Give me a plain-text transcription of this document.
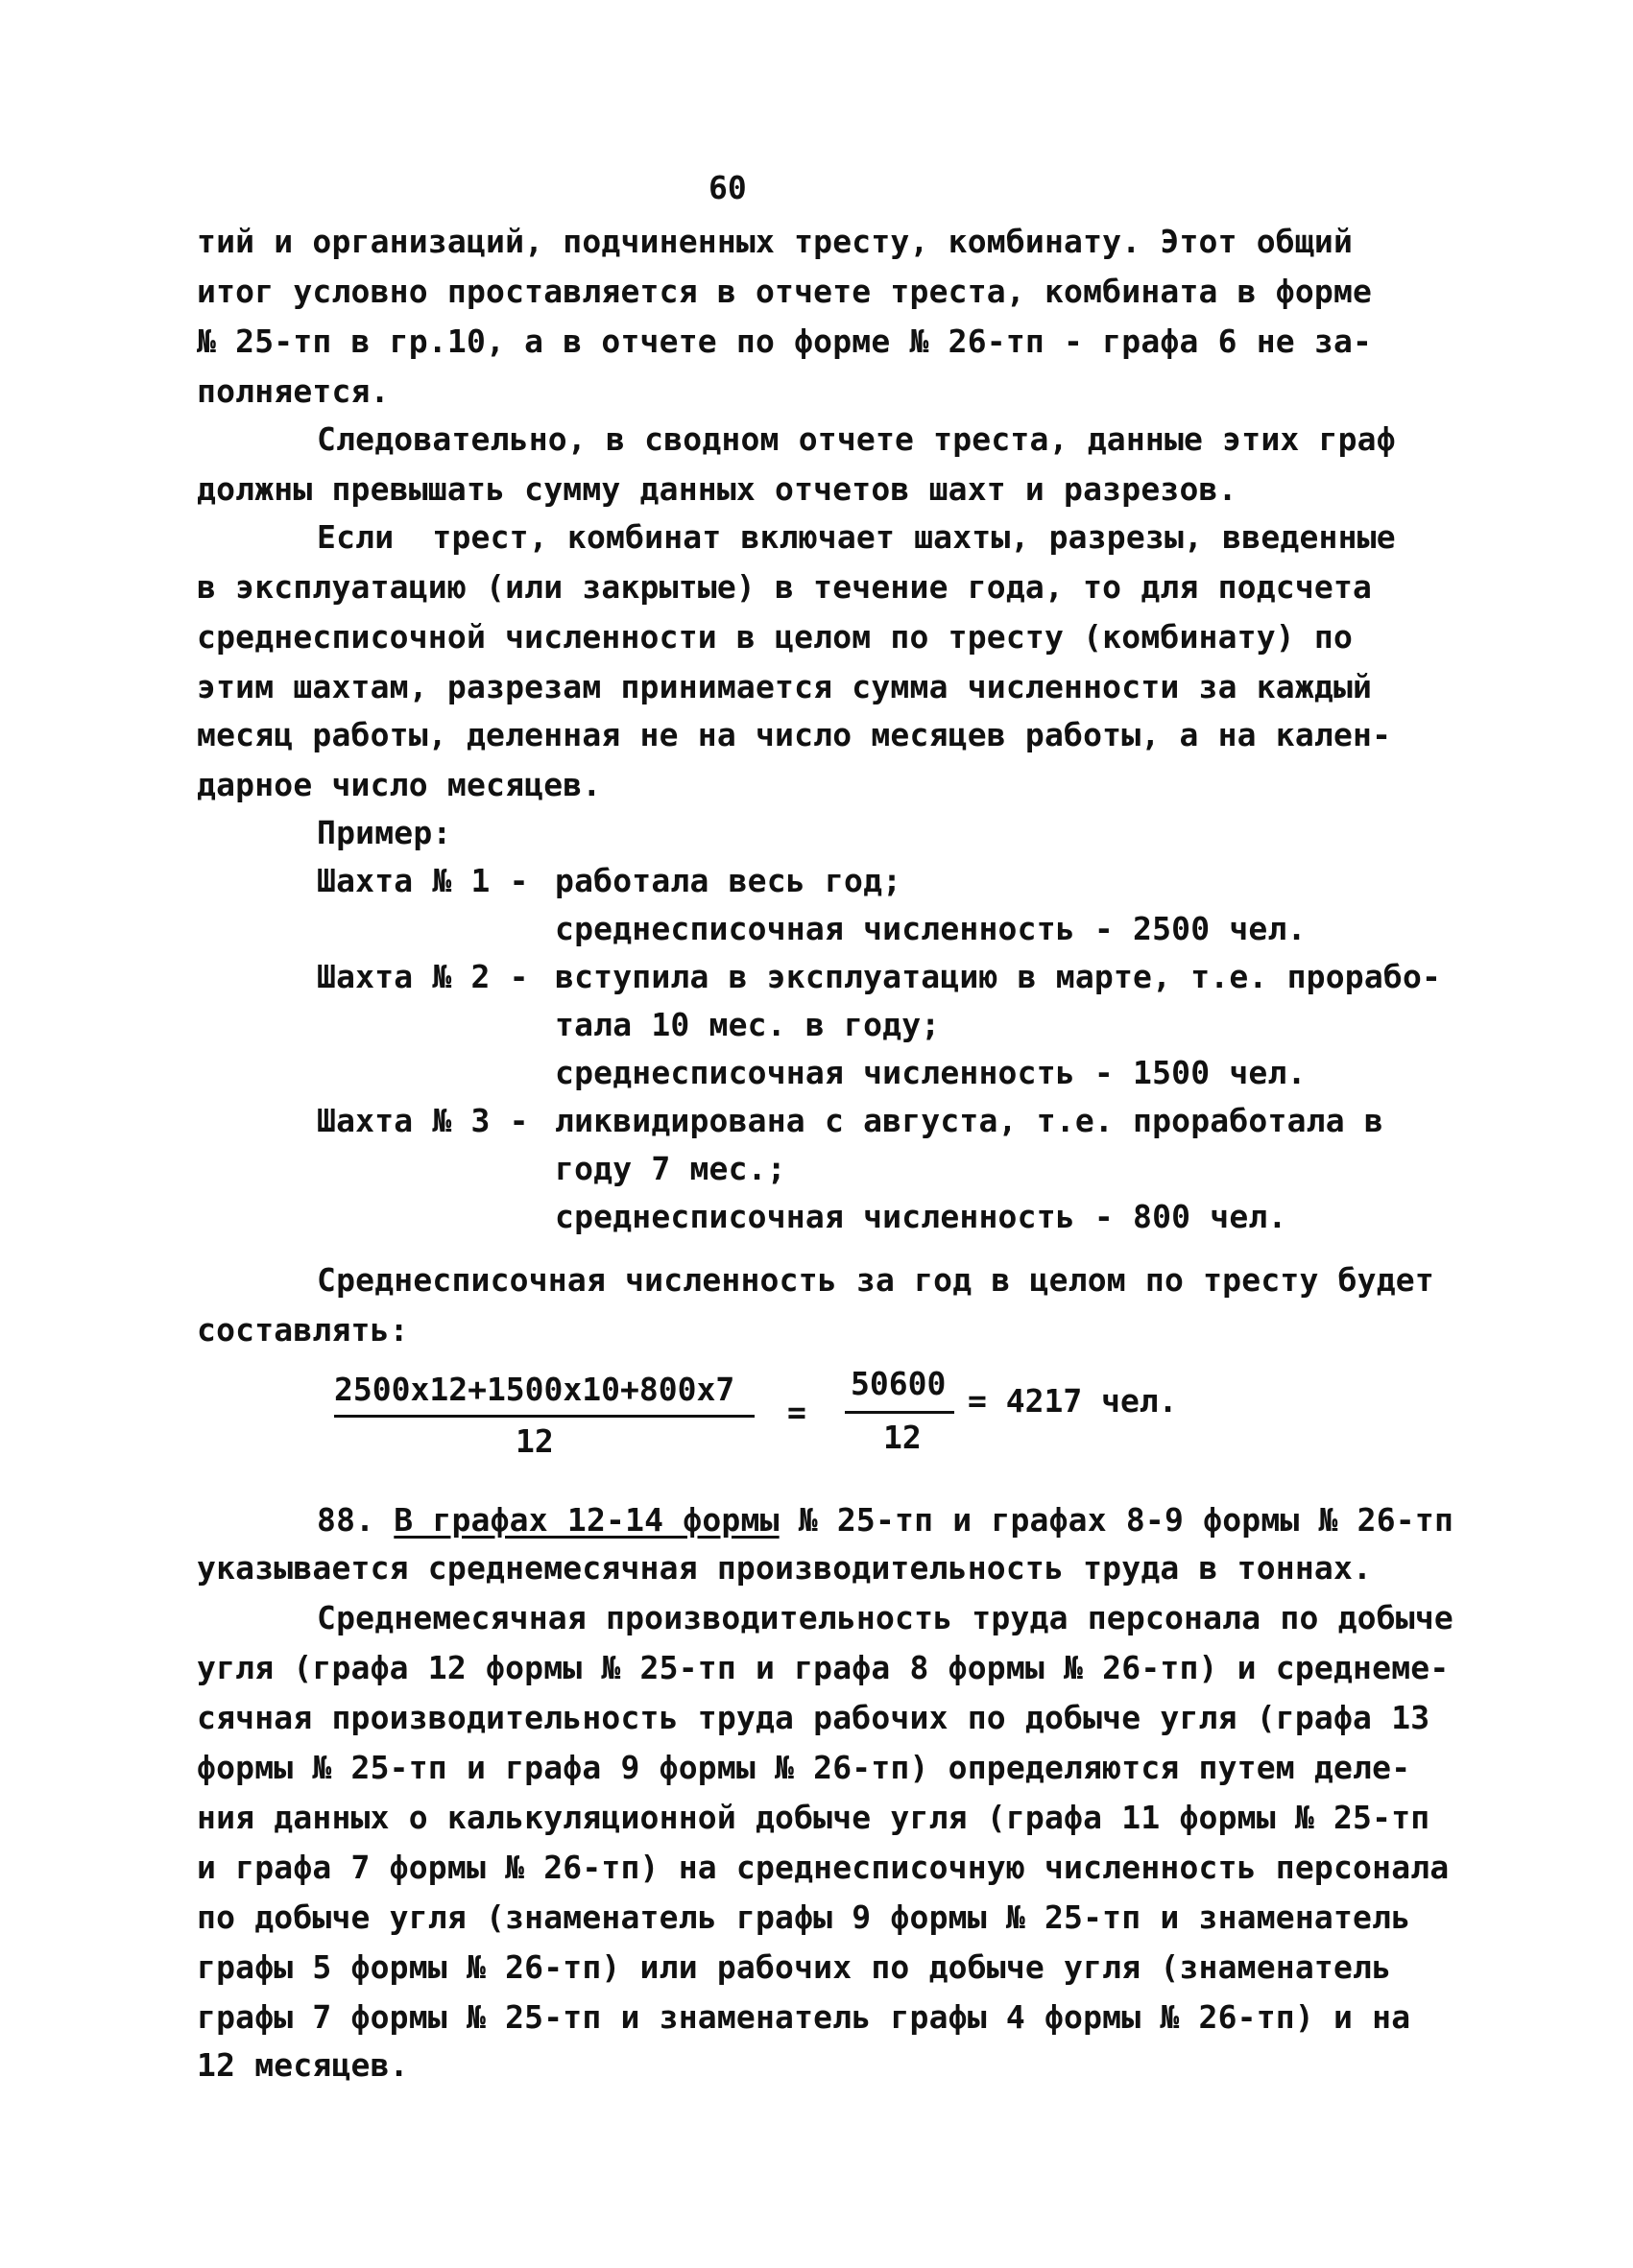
60
тий и организаций, подчиненных тресту, комбинату. Этот общий
итог условно проставляется в отчете треста, комбината в форме
№ 25-тп в гр.10, а в отчете по форме № 26-тп - графа 6 не за-
полняется.
Следовательно, в сводном отчете треста, данные этих граф
должны превышать сумму данных отчетов шахт и разрезов.
Если  трест, комбинат включает шахты, разрезы, введенные
в эксплуатацию (или закрытые) в течение года, то для подсчета
среднесписочной численности в целом по тресту (комбинату) по
этим шахтам, разрезам принимается сумма численности за каждый
месяц работы, деленная не на число месяцев работы, а на кален-
дарное число месяцев.
Пример:
Шахта № 1 - работала весь год;
среднесписочная численность - 2500 чел.
Шахта № 2 - вступила в эксплуатацию в марте, т.е. прорабо-
тала 10 мес. в году;
среднесписочная численность - 1500 чел.
Шахта № 3 - ликвидирована с августа, т.е. проработала в
году 7 мес.;
среднесписочная численность - 800 чел.
Среднесписочная численность за год в целом по тресту будет
составлять:
2500x12+1500x10+800x7
12
=
50600
12
= 4217 чел.
88. В графах 12-14 формы № 25-тп и графах 8-9 формы № 26-тп
указывается среднемесячная производительность труда в тоннах.
Среднемесячная производительность труда персонала по добыче
угля (графа 12 формы № 25-тп и графа 8 формы № 26-тп) и среднеме-
сячная производительность труда рабочих по добыче угля (графа 13
формы № 25-тп и графа 9 формы № 26-тп) определяются путем деле-
ния данных о калькуляционной добыче угля (графа 11 формы № 25-тп
и графа 7 формы № 26-тп) на среднесписочную численность персонала
по добыче угля (знаменатель графы 9 формы № 25-тп и знаменатель
графы 5 формы № 26-тп) или рабочих по добыче угля (знаменатель
графы 7 формы № 25-тп и знаменатель графы 4 формы № 26-тп) и на
12 месяцев.
